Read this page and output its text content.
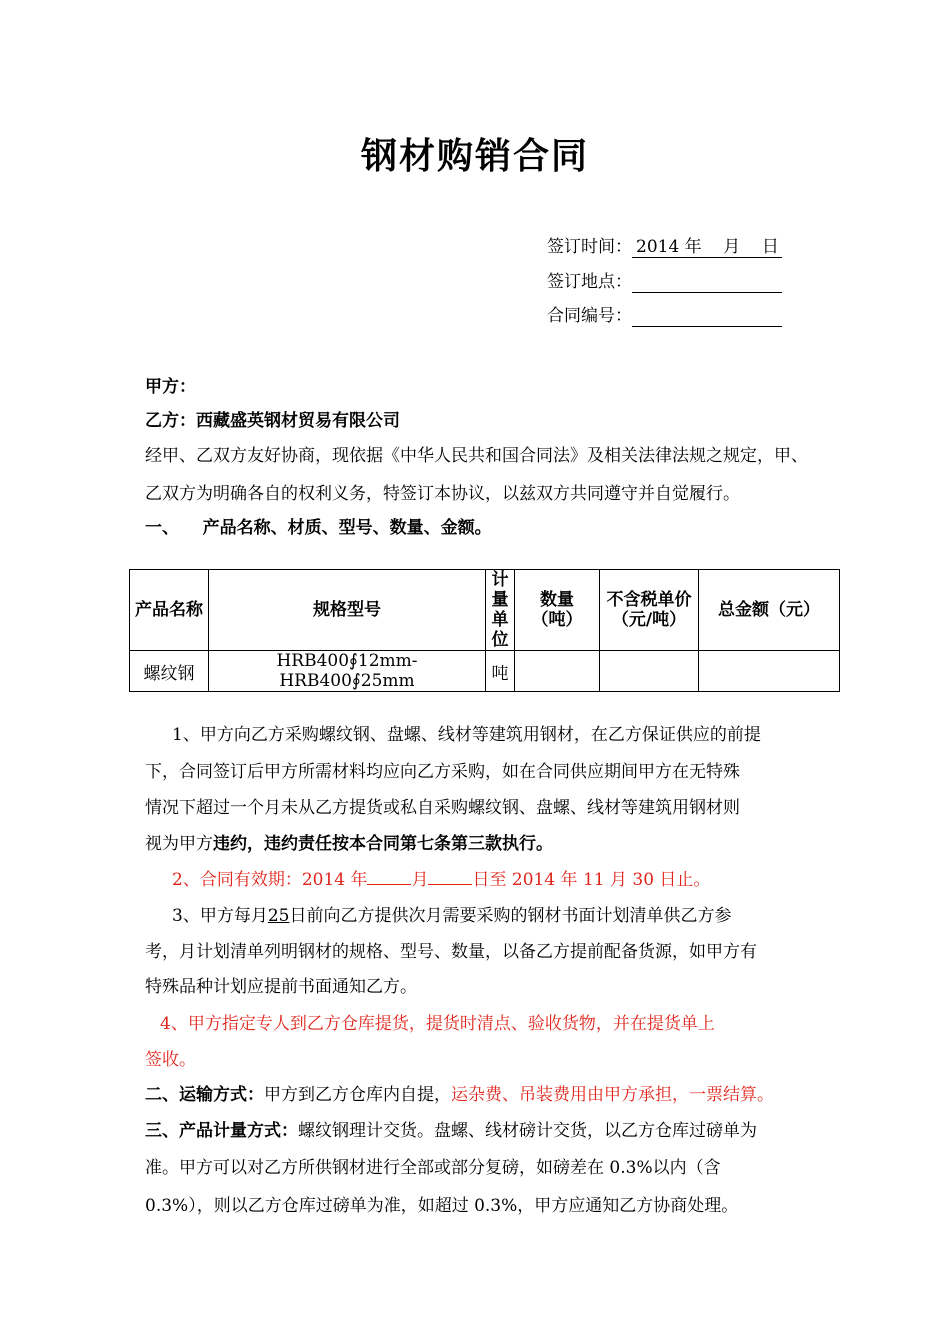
钢材购销合同
签订时间： 2014 年    月    日
签订地点：
合同编号：
甲方：
乙方：西藏盛英钢材贸易有限公司
经甲、乙双方友好协商，现依据《中华人民共和国合同法》及相关法律法规之规定，甲、
乙双方为明确各自的权利义务，特签订本协议，以兹双方共同遵守并自觉履行。
一、    产品名称、材质、型号、数量、金额。
产品名称	规格型号	计量单位	数量（吨）	不含税单价（元/吨）	总金额（元）
螺纹钢	HRB400∮12mm-HRB400∮25mm	吨			
1、甲方向乙方采购螺纹钢、盘螺、线材等建筑用钢材，在乙方保证供应的前提
下，合同签订后甲方所需材料均应向乙方采购，如在合同供应期间甲方在无特殊
情况下超过一个月未从乙方提货或私自采购螺纹钢、盘螺、线材等建筑用钢材则
视为甲方违约，违约责任按本合同第七条第三款执行。
2、合同有效期：2014 年	月	日至 2014 年 11 月 30 日止。
3、甲方每月25日前向乙方提供次月需要采购的钢材书面计划清单供乙方参
考，月计划清单列明钢材的规格、型号、数量，以备乙方提前配备货源，如甲方有
特殊品种计划应提前书面通知乙方。
4、甲方指定专人到乙方仓库提货，提货时清点、验收货物，并在提货单上
签收。
二、运输方式：甲方到乙方仓库内自提，运杂费、吊装费用由甲方承担，一票结算。
三、产品计量方式：螺纹钢理计交货。盘螺、线材磅计交货，以乙方仓库过磅单为
准。甲方可以对乙方所供钢材进行全部或部分复磅，如磅差在 0.3%以内（含
0.3%），则以乙方仓库过磅单为准，如超过 0.3%，甲方应通知乙方协商处理。
